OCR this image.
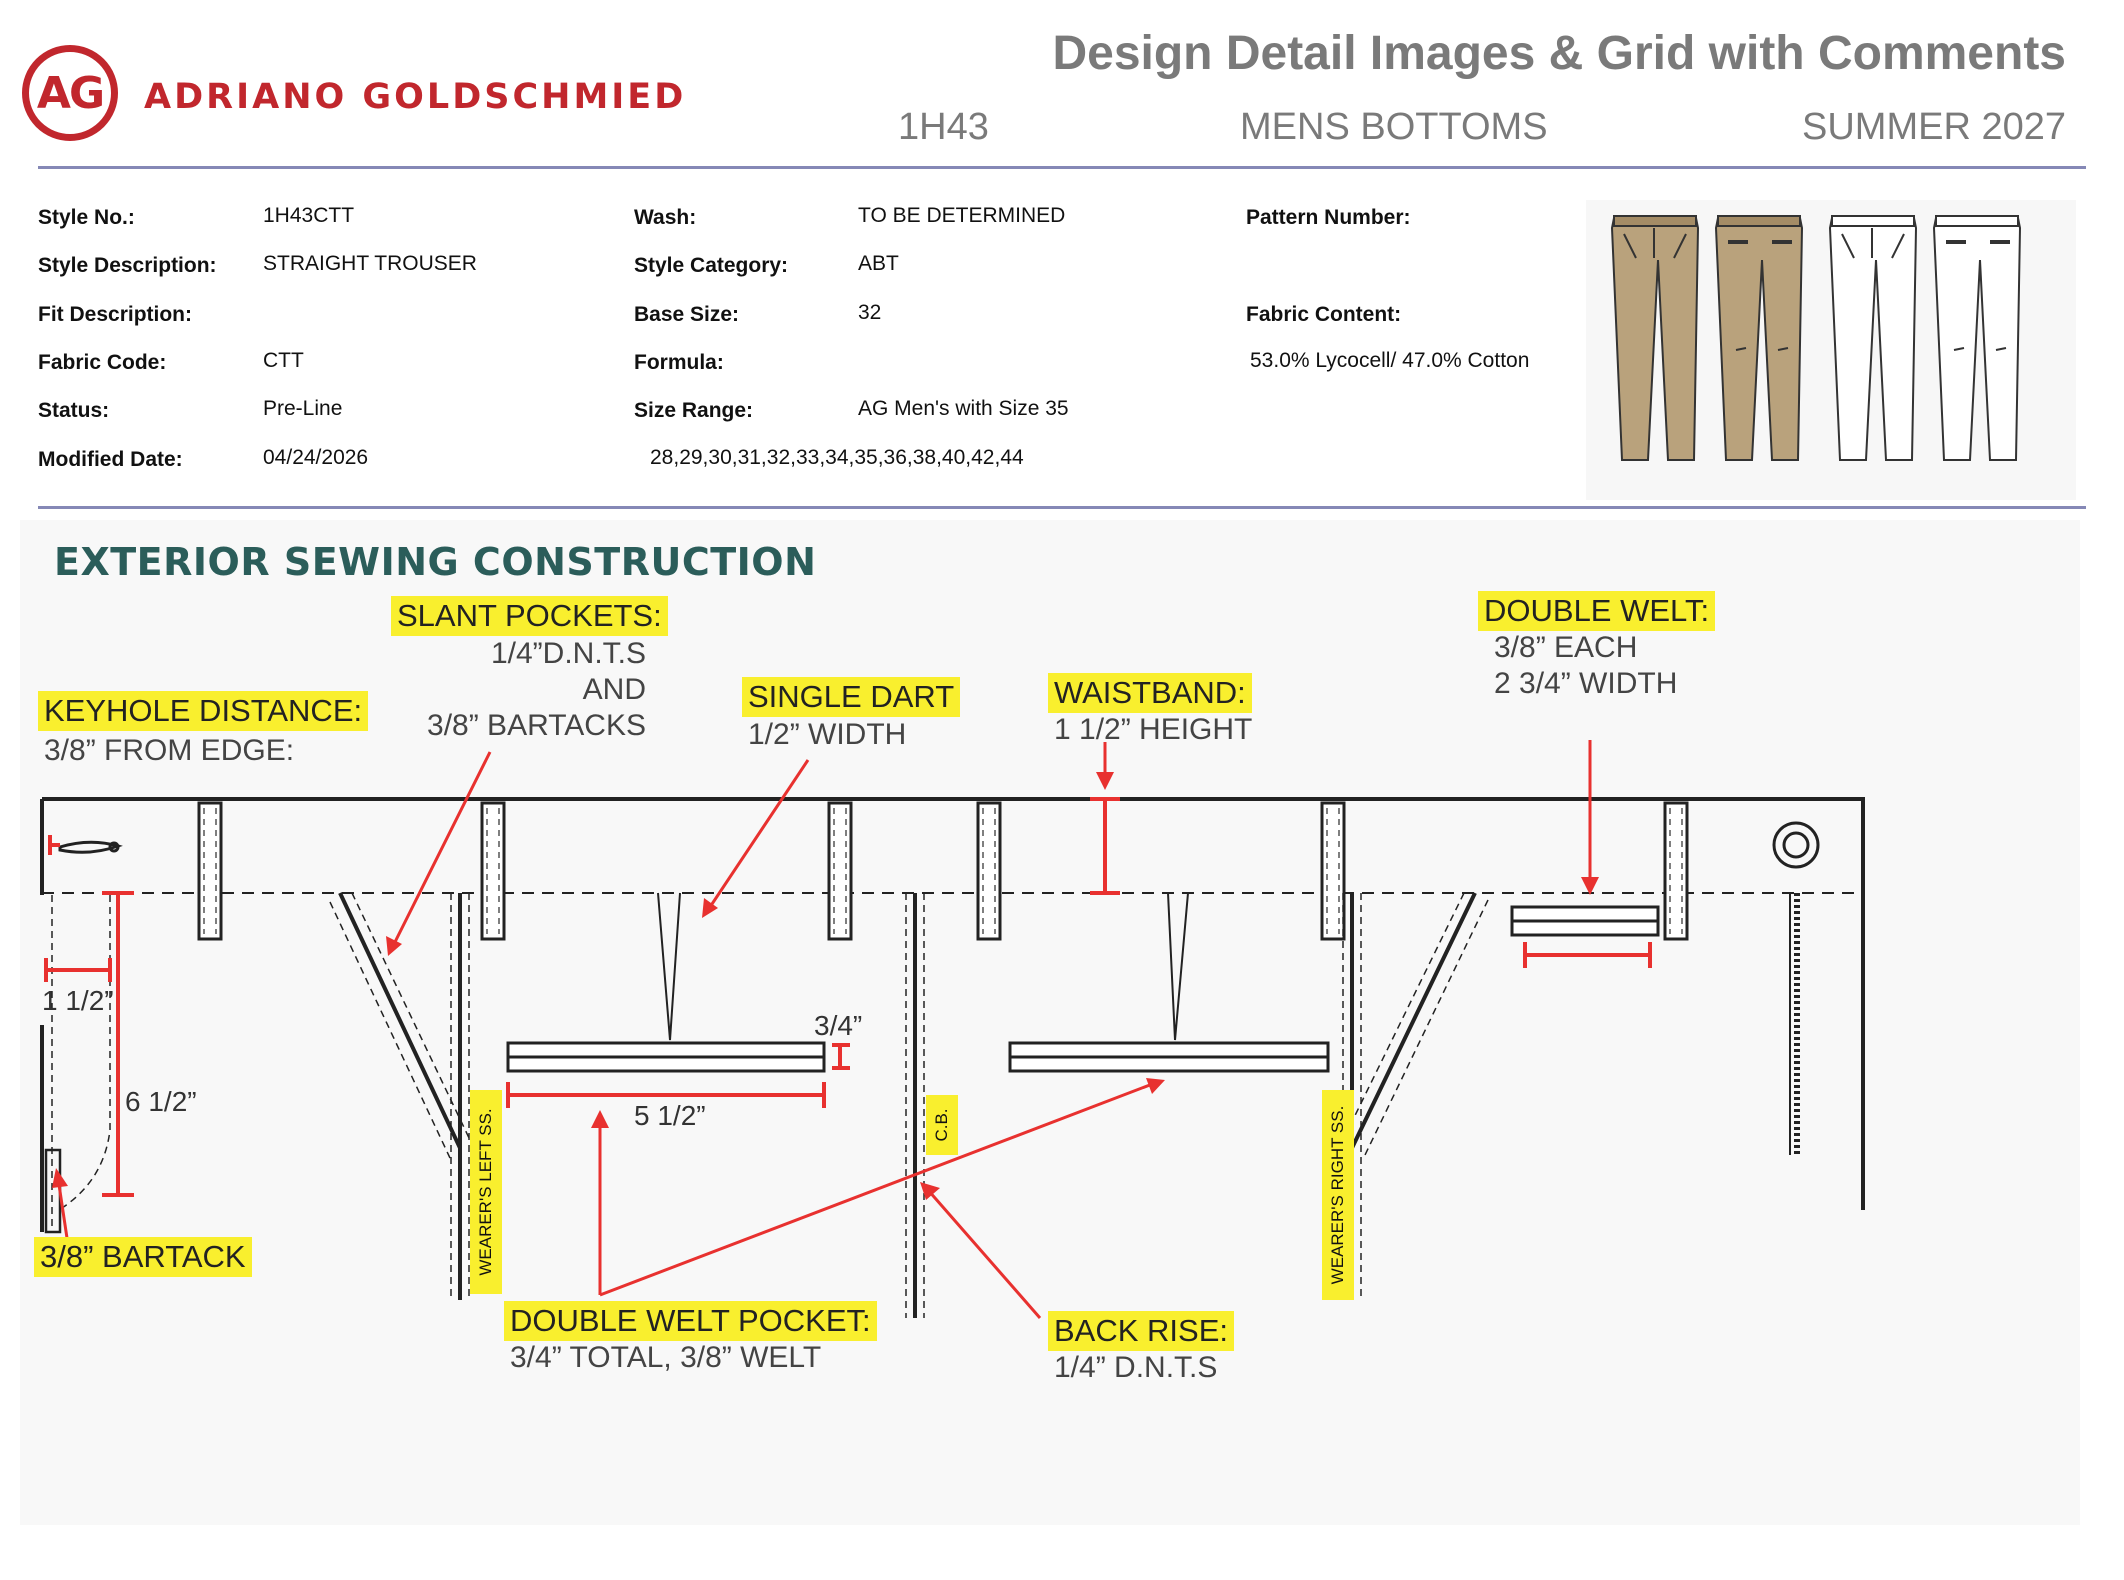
AG ADRIANO GOLDSCHMIED
Design Detail Images & Grid with Comments
1H43	MENS BOTTOMS	SUMMER 2027
Style No.:	1H43CTT
Style Description: STRAIGHT TROUSER
Fit Description:
Fabric Code:	CTT
Status:	Pre-Line
Modified Date:	04/24/2026
Wash:	TO BE DETERMINED
Style Category:	ABT
Base Size:	32
Formula:
Size Range:	AG Men's with Size 35
28,29,30,31,32,33,34,35,36,38,40,42,44
Pattern Number:
Fabric Content:
53.0% Lycocell/ 47.0% Cotton
EXTERIOR SEWING CONSTRUCTION
WEARER'S LEFT SS.	C.B.	WEARER'S RIGHT SS.
SLANT POCKETS:
1/4”D.N.T.S
AND
3/8” BARTACKS
KEYHOLE DISTANCE:
3/8” FROM EDGE:
SINGLE DART
1/2” WIDTH
WAISTBAND:
1 1/2” HEIGHT
DOUBLE WELT:
3/8” EACH
2 3/4” WIDTH
3/8” BARTACK
DOUBLE WELT POCKET:
3/4” TOTAL, 3/8” WELT
BACK RISE:
1/4” D.N.T.S
1 1/2”
6 1/2”
3/4”
5 1/2”
